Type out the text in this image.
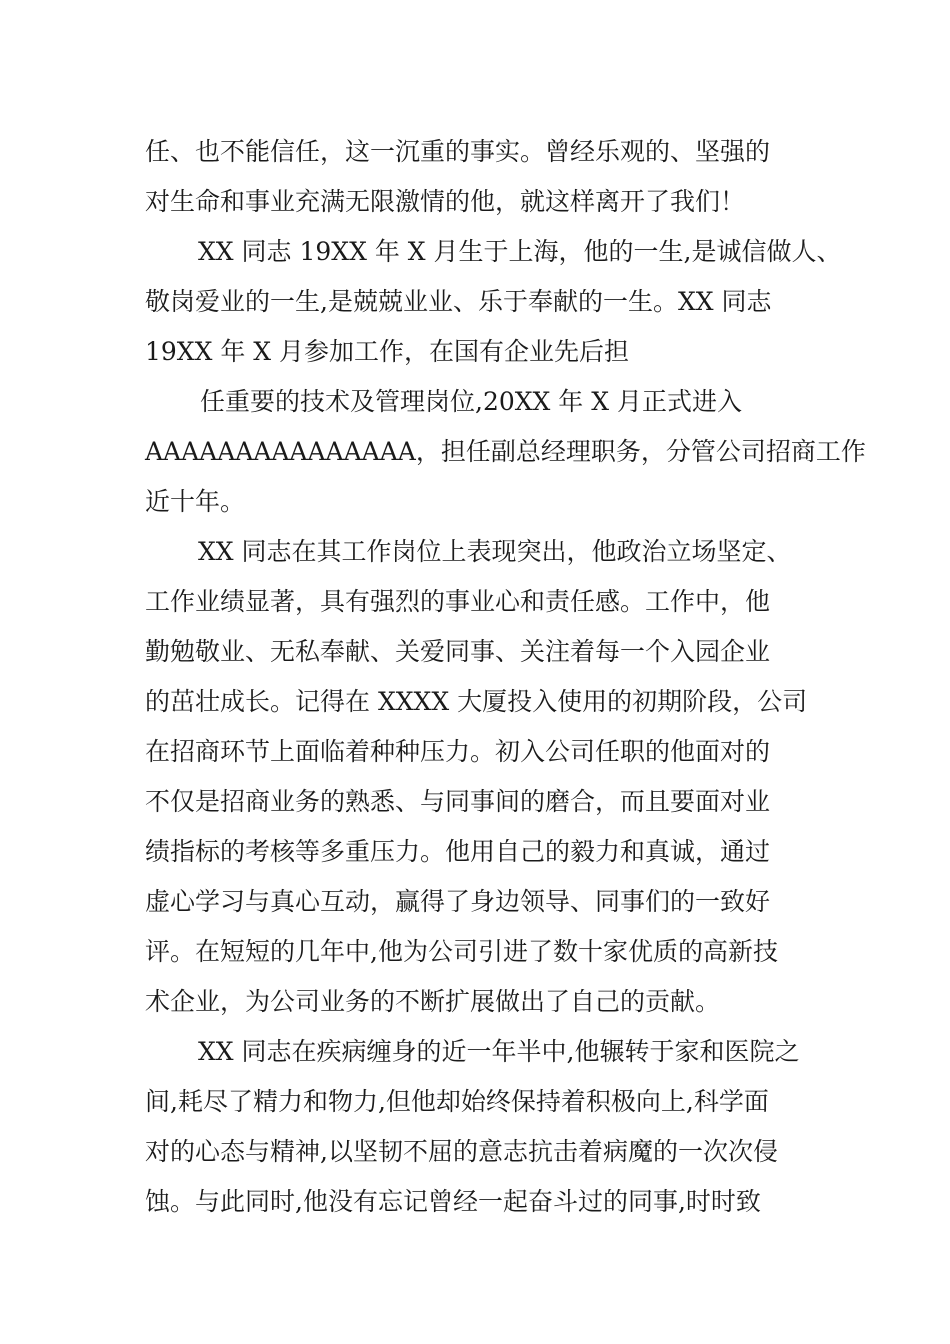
任、也不能信任，这一沉重的事实。曾经乐观的、坚强的
对生命和事业充满无限激情的他，就这样离开了我们！
XX 同志 19XX 年 X 月生于上海，他的一生,是诚信做人、
敬岗爱业的一生,是兢兢业业、乐于奉献的一生。XX 同志
19XX 年 X 月参加工作，在国有企业先后担
任重要的技术及管理岗位,20XX 年 X 月正式进入
AAAAAAAAAAAAAAA，担任副总经理职务，分管公司招商工作
近十年。
XX 同志在其工作岗位上表现突出，他政治立场坚定、
工作业绩显著，具有强烈的事业心和责任感。工作中，他
勤勉敬业、无私奉献、关爱同事、关注着每一个入园企业
的茁壮成长。记得在 XXXX 大厦投入使用的初期阶段，公司
在招商环节上面临着种种压力。初入公司任职的他面对的
不仅是招商业务的熟悉、与同事间的磨合，而且要面对业
绩指标的考核等多重压力。他用自己的毅力和真诚，通过
虚心学习与真心互动，赢得了身边领导、同事们的一致好
评。在短短的几年中,他为公司引进了数十家优质的高新技
术企业，为公司业务的不断扩展做出了自己的贡献。
XX 同志在疾病缠身的近一年半中,他辗转于家和医院之
间,耗尽了精力和物力,但他却始终保持着积极向上,科学面
对的心态与精神,以坚韧不屈的意志抗击着病魔的一次次侵
蚀。与此同时,他没有忘记曾经一起奋斗过的同事,时时致
